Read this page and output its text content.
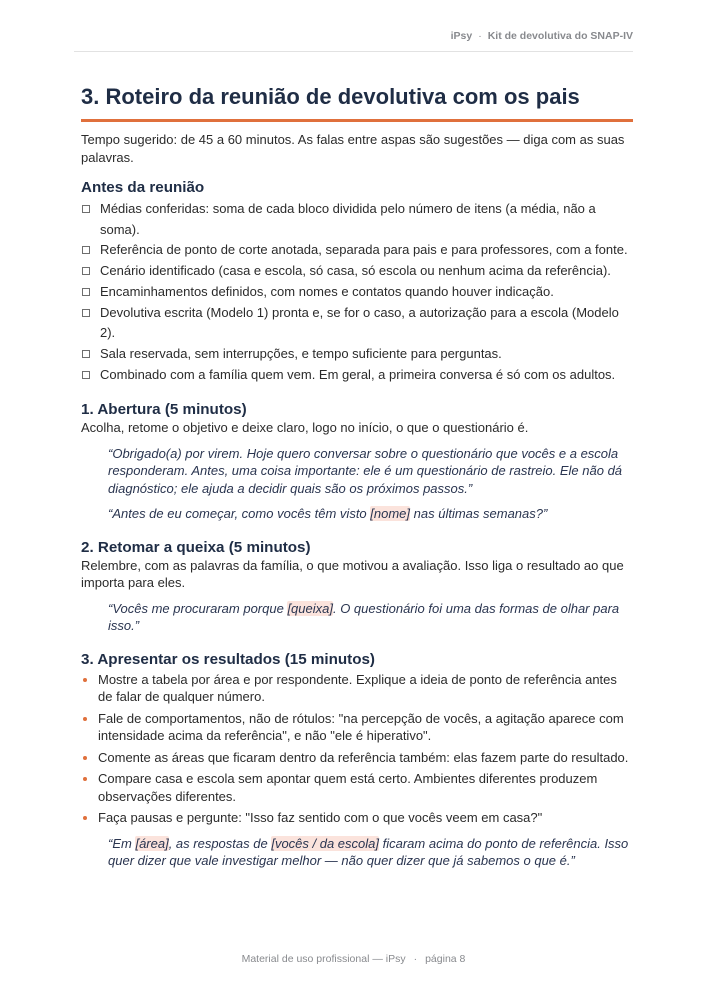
iPsy · Kit de devolutiva do SNAP-IV
3. Roteiro da reunião de devolutiva com os pais

Tempo sugerido: de 45 a 60 minutos. As falas entre aspas são sugestões — diga com as suas palavras.

Antes da reunião
Médias conferidas: soma de cada bloco dividida pelo número de itens (a média, não a soma).
Referência de ponto de corte anotada, separada para pais e para professores, com a fonte.
Cenário identificado (casa e escola, só casa, só escola ou nenhum acima da referência).
Encaminhamentos definidos, com nomes e contatos quando houver indicação.
Devolutiva escrita (Modelo 1) pronta e, se for o caso, a autorização para a escola (Modelo 2).
Sala reservada, sem interrupções, e tempo suficiente para perguntas.
Combinado com a família quem vem. Em geral, a primeira conversa é só com os adultos.
1. Abertura (5 minutos)

Acolha, retome o objetivo e deixe claro, logo no início, o que o questionário é.

“Obrigado(a) por virem. Hoje quero conversar sobre o questionário que vocês e a escola responderam. Antes, uma coisa importante: ele é um questionário de rastreio. Ele não dá diagnóstico; ele ajuda a decidir quais são os próximos passos.”

“Antes de eu começar, como vocês têm visto [nome] nas últimas semanas?”

2. Retomar a queixa (5 minutos)

Relembre, com as palavras da família, o que motivou a avaliação. Isso liga o resultado ao que importa para eles.

“Vocês me procuraram porque [queixa]. O questionário foi uma das formas de olhar para isso.”

3. Apresentar os resultados (15 minutos)
Mostre a tabela por área e por respondente. Explique a ideia de ponto de referência antes de falar de qualquer número.
Fale de comportamentos, não de rótulos: "na percepção de vocês, a agitação aparece com intensidade acima da referência", e não "ele é hiperativo".
Comente as áreas que ficaram dentro da referência também: elas fazem parte do resultado.
Compare casa e escola sem apontar quem está certo. Ambientes diferentes produzem observações diferentes.
Faça pausas e pergunte: "Isso faz sentido com o que vocês veem em casa?"

“Em [área], as respostas de [vocês / da escola] ficaram acima do ponto de referência. Isso quer dizer que vale investigar melhor — não quer dizer que já sabemos o que é.”

Material de uso profissional — iPsy · página 8
